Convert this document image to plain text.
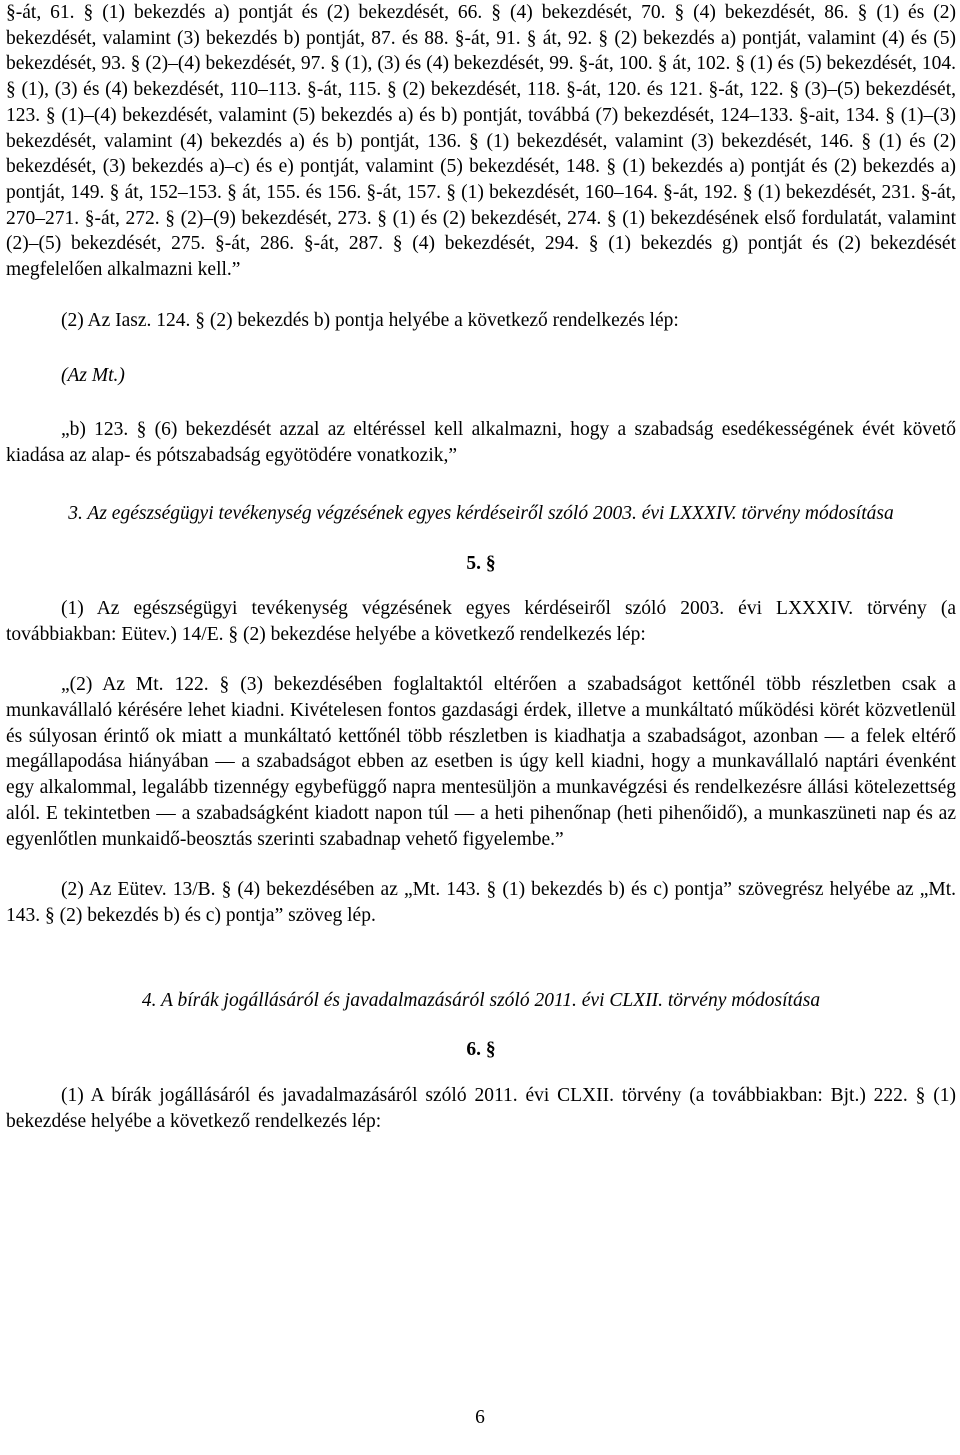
§-át, 61. § (1) bekezdés a) pontját és (2) bekezdését, 66. § (4) bekezdését, 70. § (4) bekezdését, 86. § (1) és (2) bekezdését, valamint (3) bekezdés b) pontját, 87. és 88. §-át, 91. § át, 92. § (2) bekezdés a) pontját, valamint (4) és (5) bekezdését, 93. § (2)–(4) bekezdését, 97. § (1), (3) és (4) bekezdését, 99. §-át, 100. § át, 102. § (1) és (5) bekezdését, 104. § (1), (3) és (4) bekezdését, 110–113. §-át, 115. § (2) bekezdését, 118. §-át, 120. és 121. §-át, 122. § (3)–(5) bekezdését, 123. § (1)–(4) bekezdését, valamint (5) bekezdés a) és b) pontját, továbbá (7) bekezdését, 124–133. §-ait, 134. § (1)–(3) bekezdését, valamint (4) bekezdés a) és b) pontját, 136. § (1) bekezdését, valamint (3) bekezdését, 146. § (1) és (2) bekezdését, (3) bekezdés a)–c) és e) pontját, valamint (5) bekezdését, 148. § (1) bekezdés a) pontját és (2) bekezdés a) pontját, 149. § át, 152–153. § át, 155. és 156. §-át, 157. § (1) bekezdését, 160–164. §-át, 192. § (1) bekezdését, 231. §-át, 270–271. §-át, 272. § (2)–(9) bekezdését, 273. § (1) és (2) bekezdését, 274. § (1) bekezdésének első fordulatát, valamint (2)–(5) bekezdését, 275. §-át, 286. §-át, 287. § (4) bekezdését, 294. § (1) bekezdés g) pontját és (2) bekezdését megfelelően alkalmazni kell.”

(2) Az Iasz. 124. § (2) bekezdés b) pontja helyébe a következő rendelkezés lép:

(Az Mt.)

„b) 123. § (6) bekezdését azzal az eltéréssel kell alkalmazni, hogy a szabadság esedékességének évét követő kiadása az alap- és pótszabadság egyötödére vonatkozik,”

3. Az egészségügyi tevékenység végzésének egyes kérdéseiről szóló 2003. évi LXXXIV. törvény módosítása

5. §

(1) Az egészségügyi tevékenység végzésének egyes kérdéseiről szóló 2003. évi LXXXIV. törvény (a továbbiakban: Eütev.) 14/E. § (2) bekezdése helyébe a következő rendelkezés lép:

„(2) Az Mt. 122. § (3) bekezdésében foglaltaktól eltérően a szabadságot kettőnél több részletben csak a munkavállaló kérésére lehet kiadni. Kivételesen fontos gazdasági érdek, illetve a munkáltató működési körét közvetlenül és súlyosan érintő ok miatt a munkáltató kettőnél több részletben is kiadhatja a szabadságot, azonban — a felek eltérő megállapodása hiányában — a szabadságot ebben az esetben is úgy kell kiadni, hogy a munkavállaló naptári évenként egy alkalommal, legalább tizennégy egybefüggő napra mentesüljön a munkavégzési és rendelkezésre állási kötelezettség alól. E tekintetben — a szabadságként kiadott napon túl — a heti pihenőnap (heti pihenőidő), a munkaszüneti nap és az egyenlőtlen munkaidő-beosztás szerinti szabadnap vehető figyelembe.”

(2) Az Eütev. 13/B. § (4) bekezdésében az „Mt. 143. § (1) bekezdés b) és c) pontja” szövegrész helyébe az „Mt. 143. § (2) bekezdés b) és c) pontja” szöveg lép.

4. A bírák jogállásáról és javadalmazásáról szóló 2011. évi CLXII. törvény módosítása

6. §

(1) A bírák jogállásáról és javadalmazásáról szóló 2011. évi CLXII. törvény (a továbbiakban: Bjt.) 222. § (1) bekezdése helyébe a következő rendelkezés lép:

6
